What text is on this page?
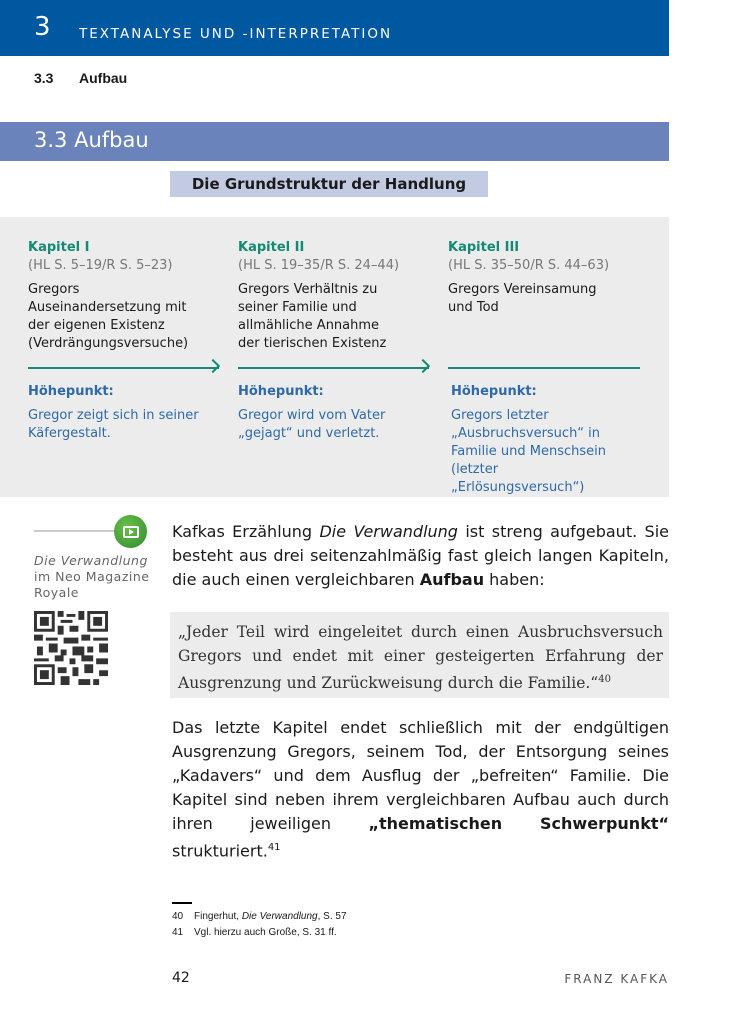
3 TEXTANALYSE UND -INTERPRETATION
3.3 Aufbau
3.3 Aufbau
Die Grundstruktur der Handlung
Kapitel I
(HL S. 5–19/R S. 5–23)
Gregors Auseinandersetzung mit der eigenen Existenz (Verdrängungsversuche)
Kapitel II
(HL S. 19–35/R S. 24–44)
Gregors Verhältnis zu seiner Familie und allmähliche Annahme der tierischen Existenz
Kapitel III
(HL S. 35–50/R S. 44–63)
Gregors Vereinsamung und Tod
Höhepunkt:
Gregor zeigt sich in seiner Käfergestalt.
Höhepunkt:
Gregor wird vom Vater „gejagt“ und verletzt.
Höhepunkt:
Gregors letzter „Ausbruchsversuch“ in Familie und Menschsein (letzter „Erlösungsversuch“)
Die Verwandlung
im Neo Magazine Royale

Kafkas Erzählung Die Verwandlung ist streng aufgebaut. Sie besteht aus drei seitenzahlmäßig fast gleich langen Kapiteln, die auch einen vergleichbaren Aufbau haben:

„Jeder Teil wird eingeleitet durch einen Ausbruchsversuch Gregors und endet mit einer gesteigerten Erfahrung der Ausgrenzung und Zurückweisung durch die Familie.“$^{40}$

Das letzte Kapitel endet schließlich mit der endgültigen Ausgrenzung Gregors, seinem Tod, der Entsorgung seines „Kadavers“ und dem Ausflug der „befreiten“ Familie. Die Kapitel sind neben ihrem vergleichbaren Aufbau auch durch ihren jeweiligen „thematischen Schwerpunkt“ strukturiert.$^{41}$

40 Fingerhut, Die Verwandlung, S. 57
41 Vgl. hierzu auch Große, S. 31 ff.
42	FRANZ KAFKA
